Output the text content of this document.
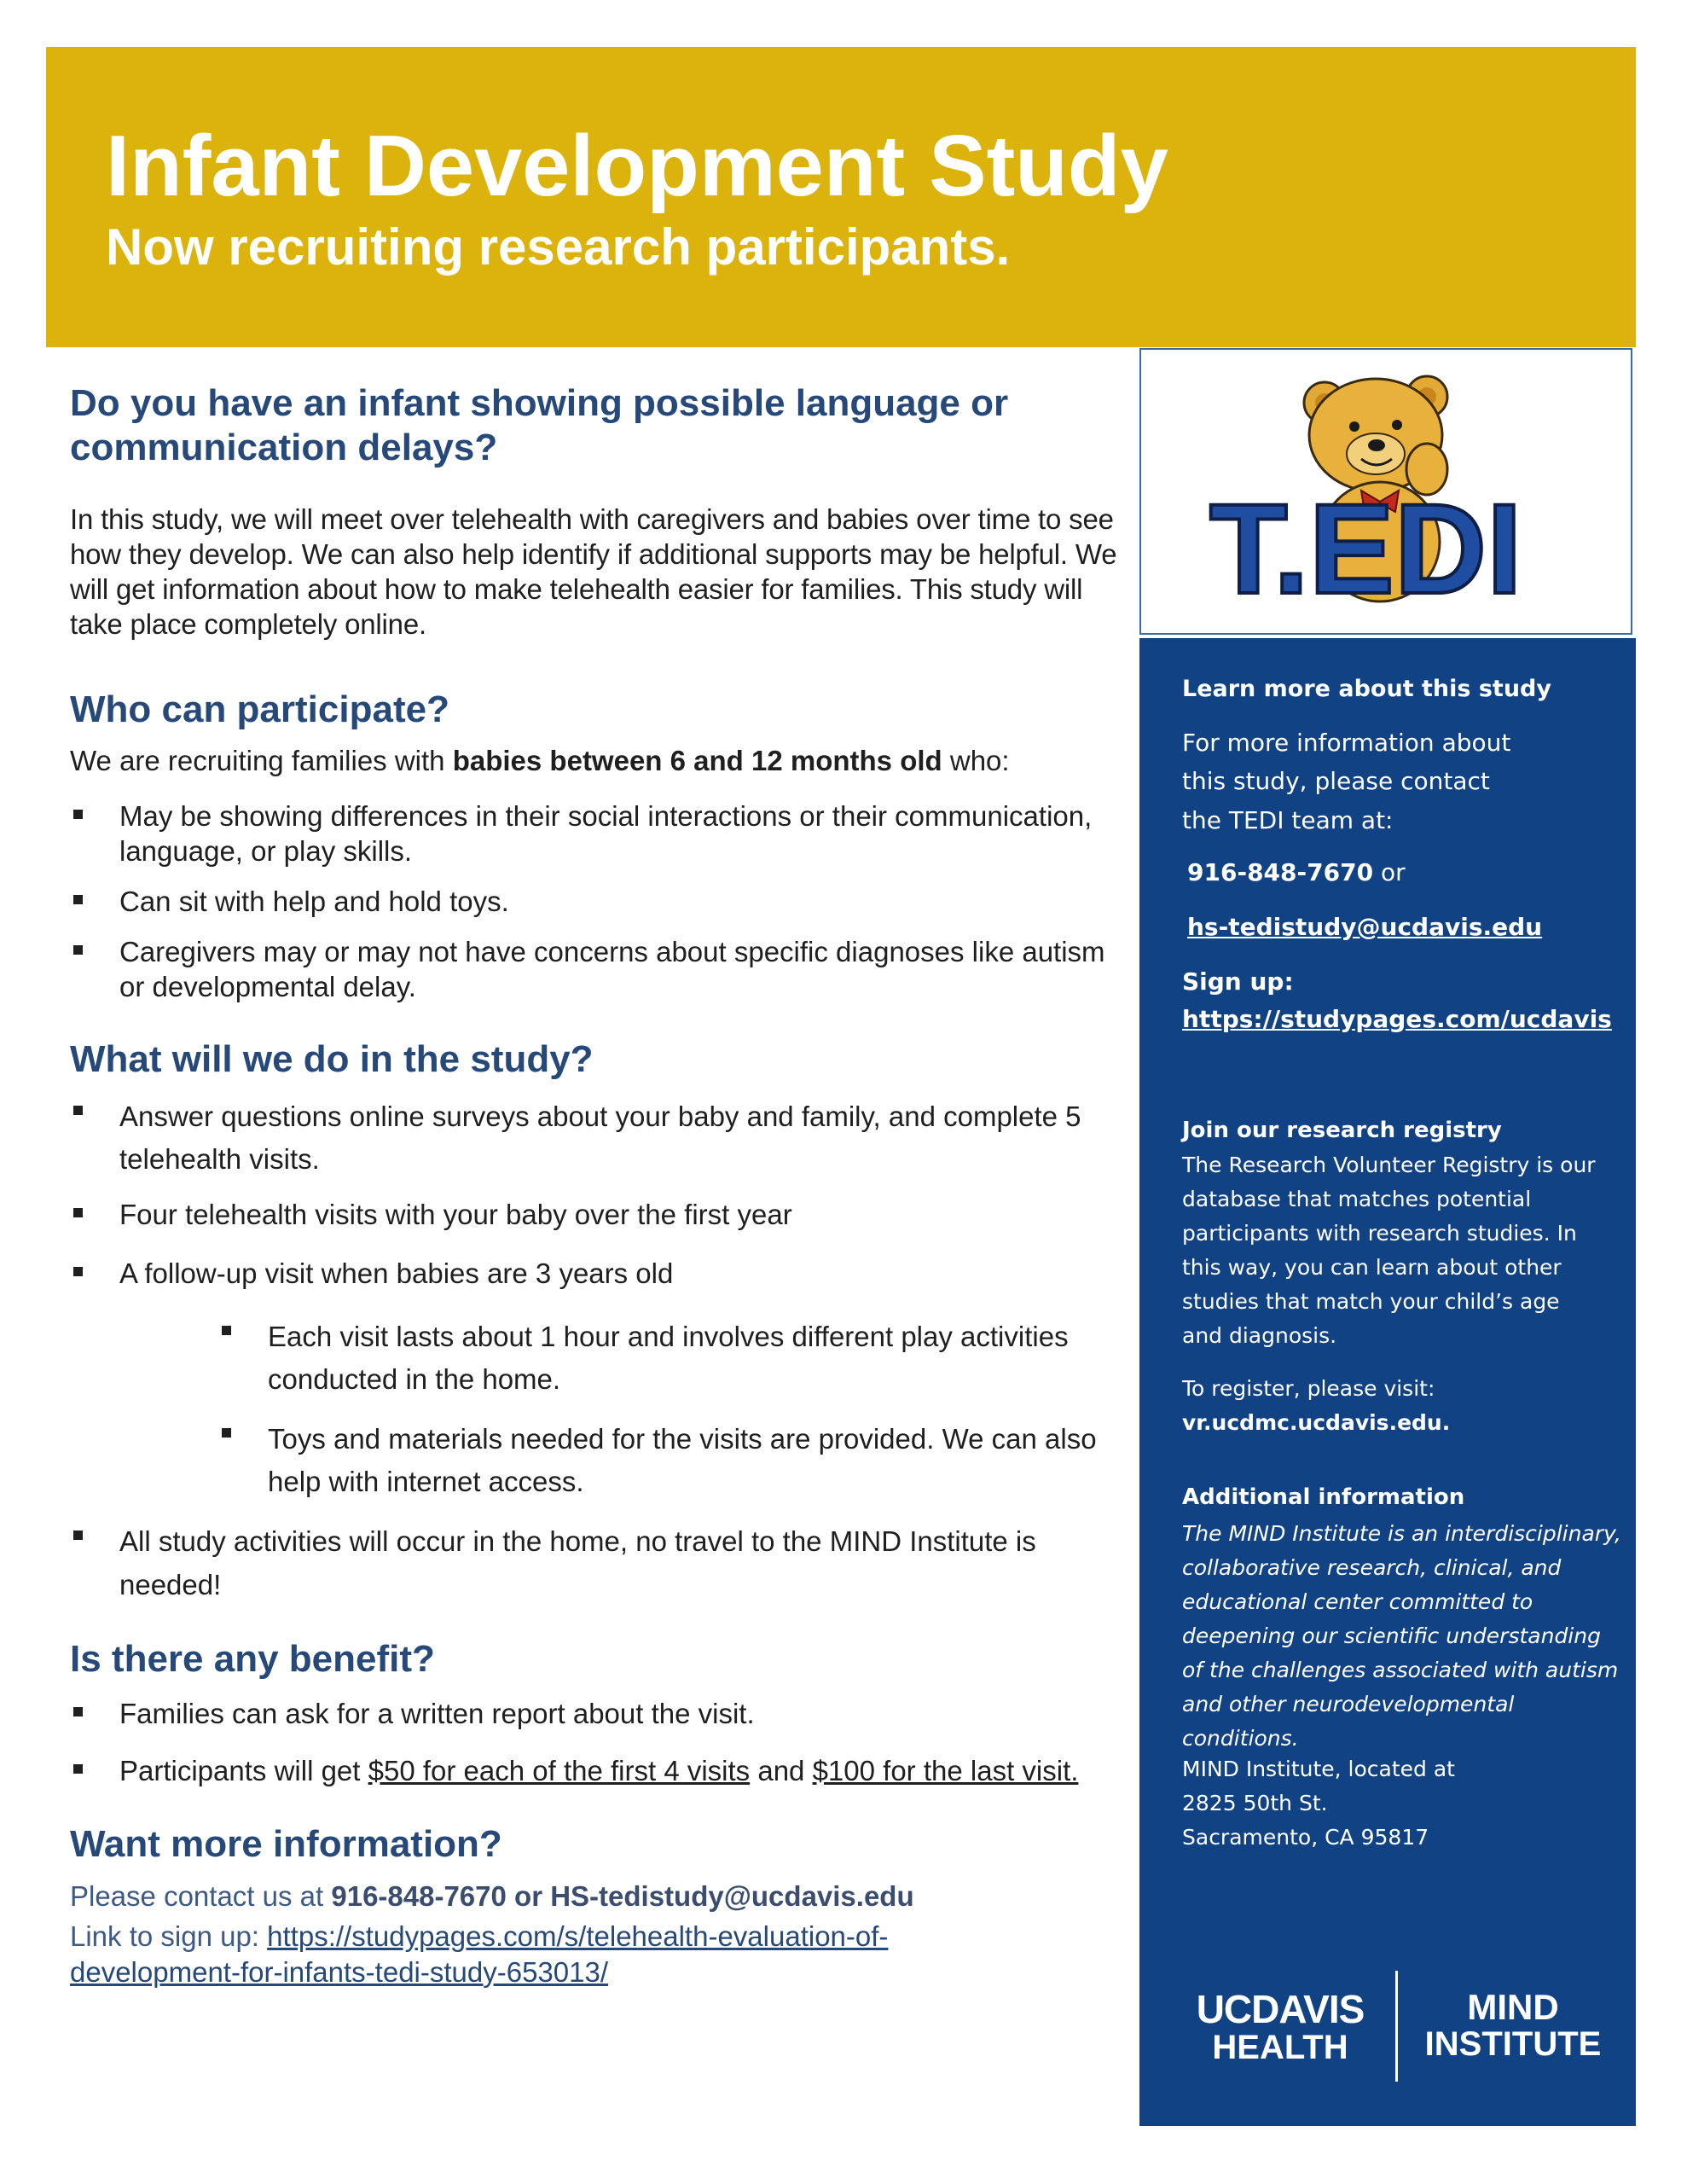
Infant Development Study
Now recruiting research participants.
Do you have an infant showing possible language or communication delays?

In this study, we will meet over telehealth with caregivers and babies over time to see how they develop. We can also help identify if additional supports may be helpful. We will get information about how to make telehealth easier for families. This study will take place completely online.

Who can participate?

We are recruiting families with babies between 6 and 12 months old who:

May be showing differences in their social interactions or their communication, language, or play skills.
Can sit with help and hold toys.
Caregivers may or may not have concerns about specific diagnoses like autism or developmental delay.
What will we do in the study?
Answer questions online surveys about your baby and family, and complete 5 telehealth visits.
Four telehealth visits with your baby over the first year
A follow-up visit when babies are 3 years old
Each visit lasts about 1 hour and involves different play activities conducted in the home.
Toys and materials needed for the visits are provided. We can also help with internet access.
All study activities will occur in the home, no travel to the MIND Institute is needed!
Is there any benefit?
Families can ask for a written report about the visit.
Participants will get $50 for each of the first 4 visits and $100 for the last visit.
Want more information?
Please contact us at 916-848-7670 or HS-tedistudy@ucdavis.edu
Link to sign up: https://studypages.com/s/telehealth-evaluation-of-development-for-infants-tedi-study-653013/
T.EDI
Learn more about this study
For more information about this study, please contact the TEDI team at:
916-848-7670 or
hs-tedistudy@ucdavis.edu
Sign up:
https://studypages.com/ucdavis
Join our research registry
The Research Volunteer Registry is our database that matches potential participants with research studies. In this way, you can learn about other studies that match your child’s age and diagnosis.
To register, please visit:
vr.ucdmc.ucdavis.edu.
Additional information
The MIND Institute is an interdisciplinary, collaborative research, clinical, and educational center committed to deepening our scientific understanding of the challenges associated with autism and other neurodevelopmental conditions.
MIND Institute, located at
2825 50th St.
Sacramento, CA 95817
UCDAVIS
HEALTH
MIND
INSTITUTE
